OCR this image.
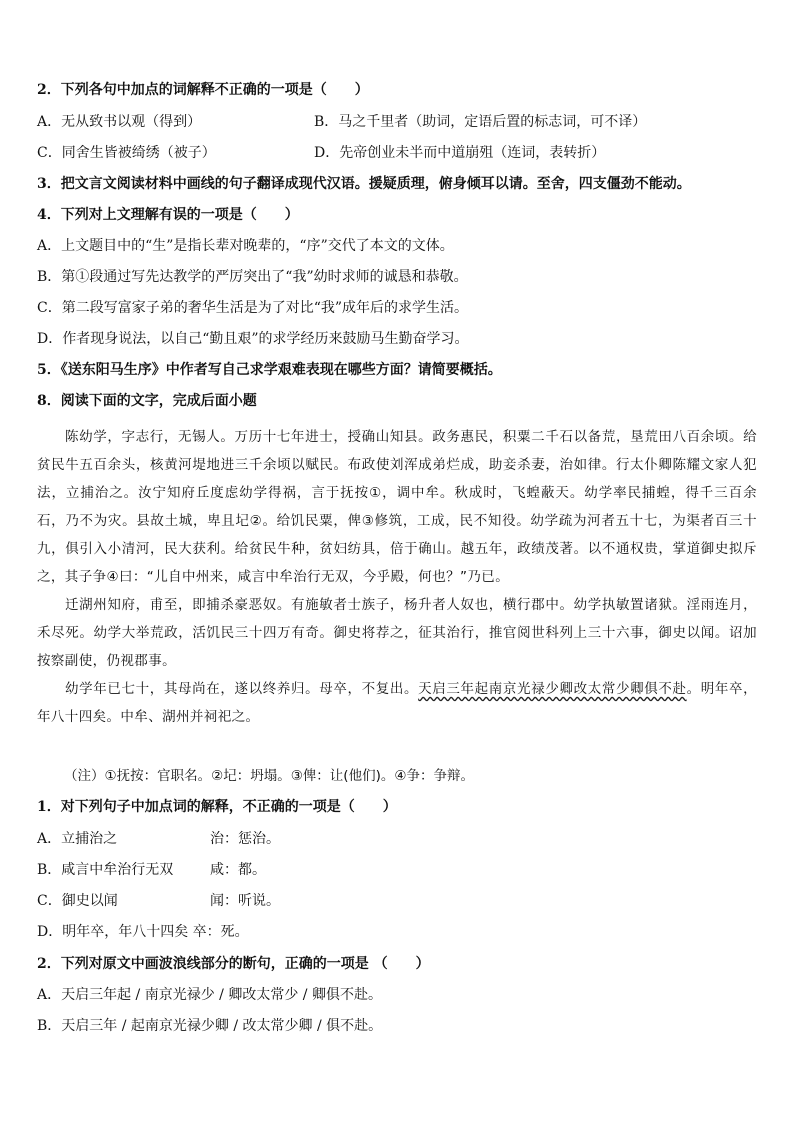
2．下列各句中加点的词解释不正确的一项是（　　）
A．无从致书以观（得到）	B．马之千里者（助词，定语后置的标志词，可不译）
C．同舍生皆被绮绣（被子）	D．先帝创业未半而中道崩殂（连词，表转折）
3．把文言文阅读材料中画线的句子翻译成现代汉语。援疑质理，俯身倾耳以请。至舍，四支僵劲不能动。
4．下列对上文理解有误的一项是（　　）
A．上文题目中的“生”是指长辈对晚辈的，“序”交代了本文的文体。
B．第①段通过写先达教学的严厉突出了“我”幼时求师的诚恳和恭敬。
C．第二段写富家子弟的奢华生活是为了对比“我”成年后的求学生活。
D．作者现身说法，以自己“勤且艰”的求学经历来鼓励马生勤奋学习。
5．《送东阳马生序》中作者写自己求学艰难表现在哪些方面？请简要概括。
8．阅读下面的文字，完成后面小题

陈幼学，字志行，无锡人。万历十七年进士，授确山知县。政务惠民，积粟二千石以备荒，垦荒田八百余顷。给贫民牛五百余头，核黄河堤地进三千余顷以赋民。布政使刘浑成弟烂成，助妾杀妻，治如律。行太仆卿陈耀文家人犯法，立捕治之。汝宁知府丘度虑幼学得祸，言于抚按①，调中牟。秋成时，飞蝗蔽天。幼学率民捕蝗，得千三百余石，乃不为灾。县故土城，卑且圮②。给饥民粟，俾③修筑，工成，民不知役。幼学疏为河者五十七，为渠者百三十九，俱引入小清河，民大获利。给贫民牛种，贫妇纺具，倍于确山。越五年，政绩茂著。以不通权贵，掌道御史拟斥之，其子争④曰：“儿自中州来，咸言中牟治行无双，今乎殿，何也？”乃已。

迁湖州知府，甫至，即捕杀豪恶奴。有施敏者士族子，杨升者人奴也，横行郡中。幼学执敏置诸狱。淫雨连月，禾尽死。幼学大举荒政，活饥民三十四万有奇。御史将荐之，征其治行，推官阅世科列上三十六事，御史以闻。诏加按察副使，仍视郡事。

幼学年已七十，其母尚在，遂以终养归。母卒，不复出。天启三年起南京光禄少卿改太常少卿俱不赴。明年卒，年八十四矣。中牟、湖州并祠祀之。

（注）①抚按：官职名。②圮：坍塌。③俾：让(他们)。④争：争辩。
1．对下列句子中加点词的解释，不正确的一项是（　　）
A．立捕治之	治：惩治。
B．咸言中牟治行无双	咸：都。
C．御史以闻	闻：听说。
D．明年卒，年八十四矣 卒：死。
2．下列对原文中画波浪线部分的断句，正确的一项是 （　　）
A．天启三年起 / 南京光禄少 / 卿改太常少 / 卿俱不赴。
B．天启三年 / 起南京光禄少卿 / 改太常少卿 / 俱不赴。
